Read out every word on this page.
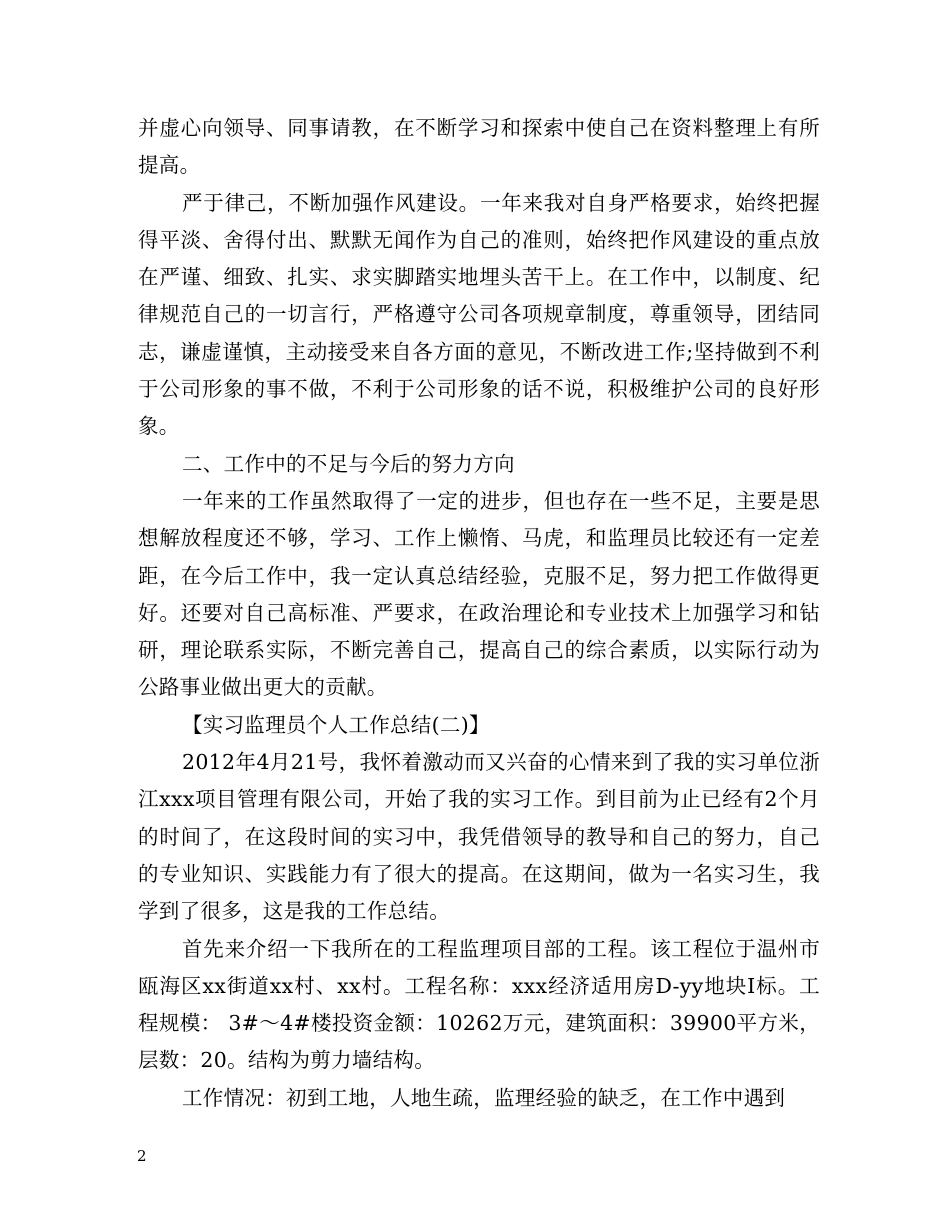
并虚心向领导、同事请教，在不断学习和探索中使自己在资料整理上有所提高。

严于律己，不断加强作风建设。一年来我对自身严格要求，始终把握得平淡、舍得付出、默默无闻作为自己的准则，始终把作风建设的重点放在严谨、细致、扎实、求实脚踏实地埋头苦干上。在工作中，以制度、纪律规范自己的一切言行，严格遵守公司各项规章制度，尊重领导，团结同志，谦虚谨慎，主动接受来自各方面的意见，不断改进工作;坚持做到不利于公司形象的事不做，不利于公司形象的话不说，积极维护公司的良好形象。

二、工作中的不足与今后的努力方向

一年来的工作虽然取得了一定的进步，但也存在一些不足，主要是思想解放程度还不够，学习、工作上懒惰、马虎，和监理员比较还有一定差距，在今后工作中，我一定认真总结经验，克服不足，努力把工作做得更好。还要对自己高标准、严要求，在政治理论和专业技术上加强学习和钻研，理论联系实际，不断完善自己，提高自己的综合素质，以实际行动为公路事业做出更大的贡献。

【实习监理员个人工作总结(二)】

2012年4月21号，我怀着激动而又兴奋的心情来到了我的实习单位浙江xxx项目管理有限公司，开始了我的实习工作。到目前为止已经有2个月的时间了，在这段时间的实习中，我凭借领导的教导和自己的努力，自己的专业知识、实践能力有了很大的提高。在这期间，做为一名实习生，我学到了很多，这是我的工作总结。

首先来介绍一下我所在的工程监理项目部的工程。该工程位于温州市瓯海区xx街道xx村、xx村。工程名称：xxx经济适用房D-yy地块I标。工程规模： 3#～4#楼投资金额：10262万元，建筑面积：39900平方米，层数：20。结构为剪力墙结构。

工作情况：初到工地，人地生疏，监理经验的缺乏，在工作中遇到

2
